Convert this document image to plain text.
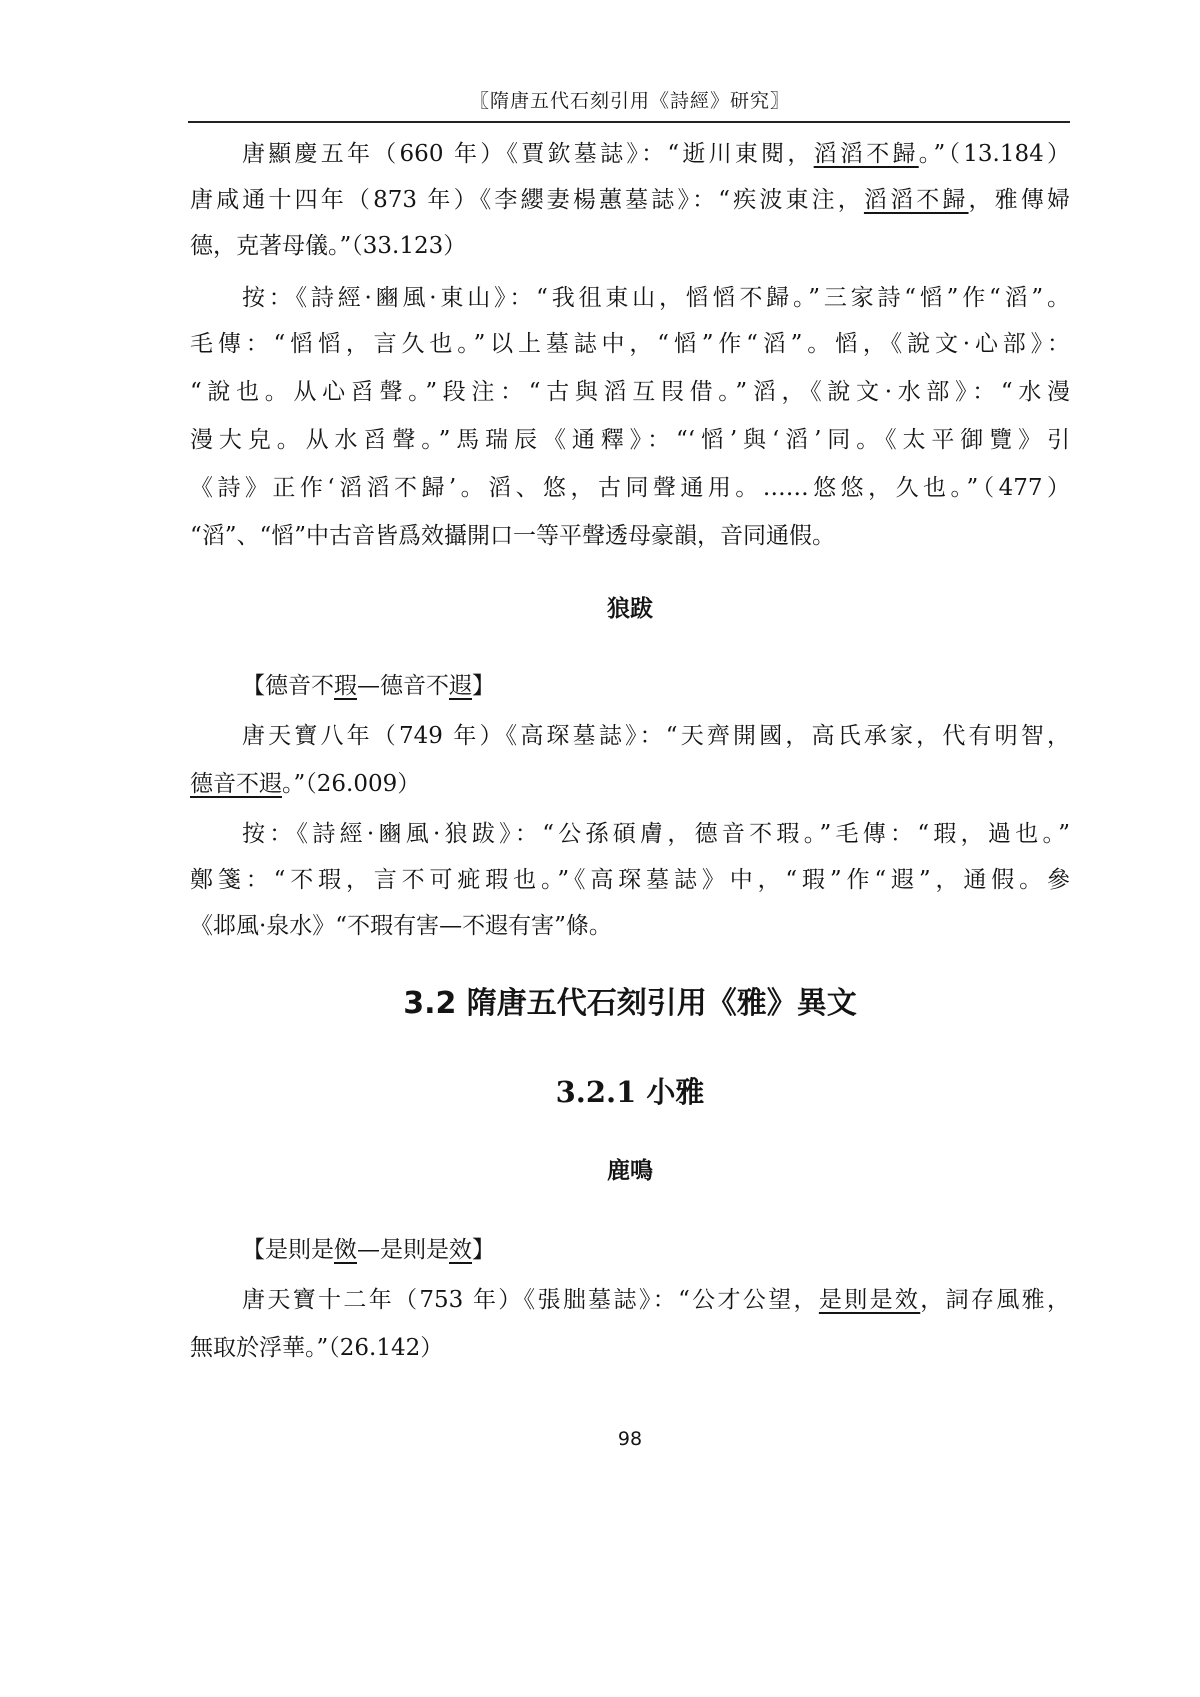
〖隋唐五代石刻引用《詩經》研究〗
唐顯慶五年（660 年）《賈欽墓誌》：“逝川東閱，滔滔不歸。”（13.184）
唐咸通十四年（873 年）《李纓妻楊蕙墓誌》：“疾波東注，滔滔不歸，雅傳婦
德，克著母儀。”（33.123）
按：《詩經·豳風·東山》：“我徂東山，慆慆不歸。”三家詩“慆”作“滔”。
毛傳：“慆慆，言久也。”以上墓誌中，“慆”作“滔”。慆，《說文·心部》：
“說也。从心舀聲。”段注：“古與滔互叚借。”滔，《說文·水部》：“水漫
漫大皃。从水舀聲。”馬瑞辰《通釋》：“‘慆’與‘滔’同。《太平御覽》引
《詩》正作‘滔滔不歸’。滔、悠，古同聲通用。……悠悠，久也。”（477）
“滔”、“慆”中古音皆爲效攝開口一等平聲透母豪韻，音同通假。
狼跋
【德音不瑕—德音不遐】
唐天寶八年（749 年）《高琛墓誌》：“天齊開國，高氏承家，代有明智，
德音不遐。”（26.009）
按：《詩經·豳風·狼跋》：“公孫碩膚，德音不瑕。”毛傳：“瑕，過也。”
鄭箋：“不瑕，言不可疵瑕也。”《高琛墓誌》中，“瑕”作“遐”，通假。參
《邶風·泉水》“不瑕有害—不遐有害”條。
3.2 隋唐五代石刻引用《雅》異文
3.2.1 小雅
鹿鳴
【是則是傚—是則是效】
唐天寶十二年（753 年）《張朏墓誌》：“公才公望，是則是效，詞存風雅，
無取於浮華。”（26.142）
98
